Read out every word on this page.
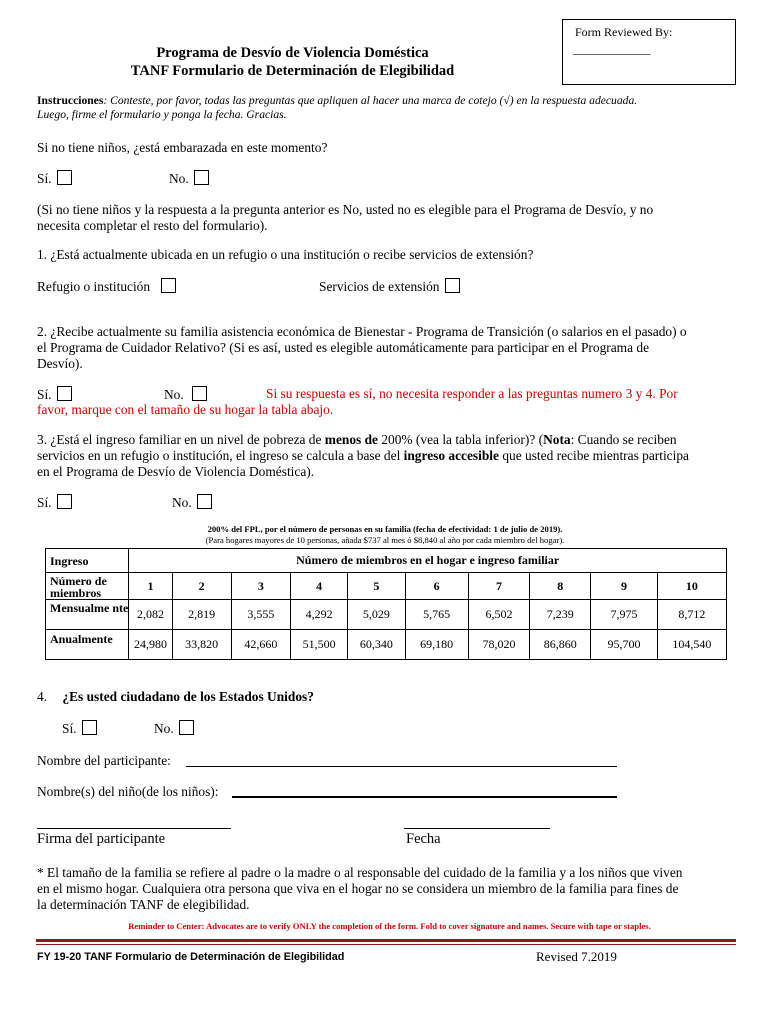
Form Reviewed By:
______________
Programa de Desvío de Violencia Doméstica
TANF Formulario de Determinación de Elegibilidad
Instrucciones: Conteste, por favor, todas las preguntas que apliquen al hacer una marca de cotejo (√) en la respuesta adecuada.
Luego, firme el formulario y ponga la fecha. Gracias.
Si no tiene niños, ¿está embarazada en este momento?
Sí.	No.
(Si no tiene niños y la respuesta a la pregunta anterior es No, usted no es elegible para el Programa de Desvío, y no
necesita completar el resto del formulario).
1. ¿Está actualmente ubicada en un refugio o una institución o recibe servicios de extensión?
Refugio o institución	Servicios de extensión
2. ¿Recibe actualmente su familia asistencia económica de Bienestar - Programa de Transición (o salarios en el pasado) o
el Programa de Cuidador Relativo? (Si es así, usted es elegible automáticamente para participar en el Programa de
Desvío).
Sí.	No.	Si su respuesta es sí, no necesita responder a las preguntas numero 3 y 4. Por
favor, marque con el tamaño de su hogar la tabla abajo.
3. ¿Está el ingreso familiar en un nivel de pobreza de menos de 200% (vea la tabla inferior)? (Nota: Cuando se reciben
servicios en un refugio o institución, el ingreso se calcula a base del ingreso accesible que usted recibe mientras participa
en el Programa de Desvío de Violencia Doméstica).
Sí.	No.
200% del FPL, por el número de personas en su familia (fecha de efectividad: 1 de julio de 2019).
(Para hogares mayores de 10 personas, añada $737 al mes ó $8,840 al año por cada miembro del hogar).
Ingreso	Número de miembros en el hogar e ingreso familiar									
Número de miembros	1	2	3	4	5	6	7	8	9	10
Mensualme nte	2,082	2,819	3,555	4,292	5,029	5,765	6,502	7,239	7,975	8,712
Anualmente	24,980	33,820	42,660	51,500	60,340	69,180	78,020	86,860	95,700	104,540
4. ¿Es usted ciudadano de los Estados Unidos?
Sí.	No.
Nombre del participante:
Nombre(s) del niño(de los niños):
Firma del participante	Fecha
* El tamaño de la familia se refiere al padre o la madre o al responsable del cuidado de la familia y a los niños que viven
en el mismo hogar. Cualquiera otra persona que viva en el hogar no se considera un miembro de la familia para fines de
la determinación TANF de elegibilidad.
Reminder to Center: Advocates are to verify ONLY the completion of the form. Fold to cover signature and names. Secure with tape or staples.
FY 19-20 TANF Formulario de Determinación de Elegibilidad	Revised 7.2019
